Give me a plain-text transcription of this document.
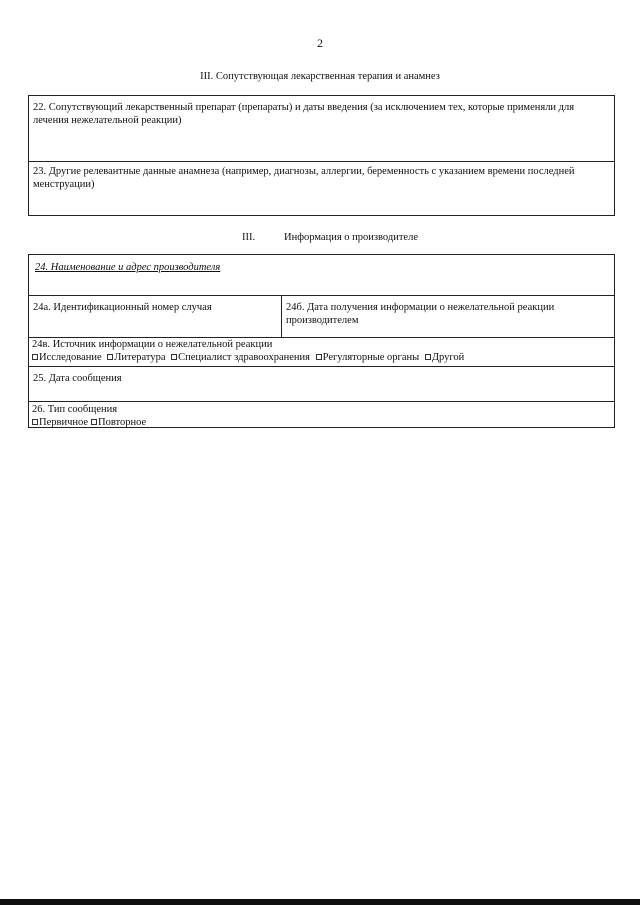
2
III. Сопутствующая лекарственная терапия и анамнез
22. Сопутствующий лекарственный препарат (препараты) и даты введения (за исключением тех, которые применяли для лечения нежелательной реакции)
23. Другие релевантные данные анамнеза (например, диагнозы, аллергии, беременность с указанием времени последней менструации)
III.	Информация о производителе
24. Наименование и адрес производителя
24а. Идентификационный номер случая	24б. Дата получения информации о нежелательной реакции производителем
24в. Источник информации о нежелательной реакции
Исследование Литература Специалист здравоохранения Регуляторные органы Другой
25. Дата сообщения
26. Тип сообщения
Первичное Повторное
